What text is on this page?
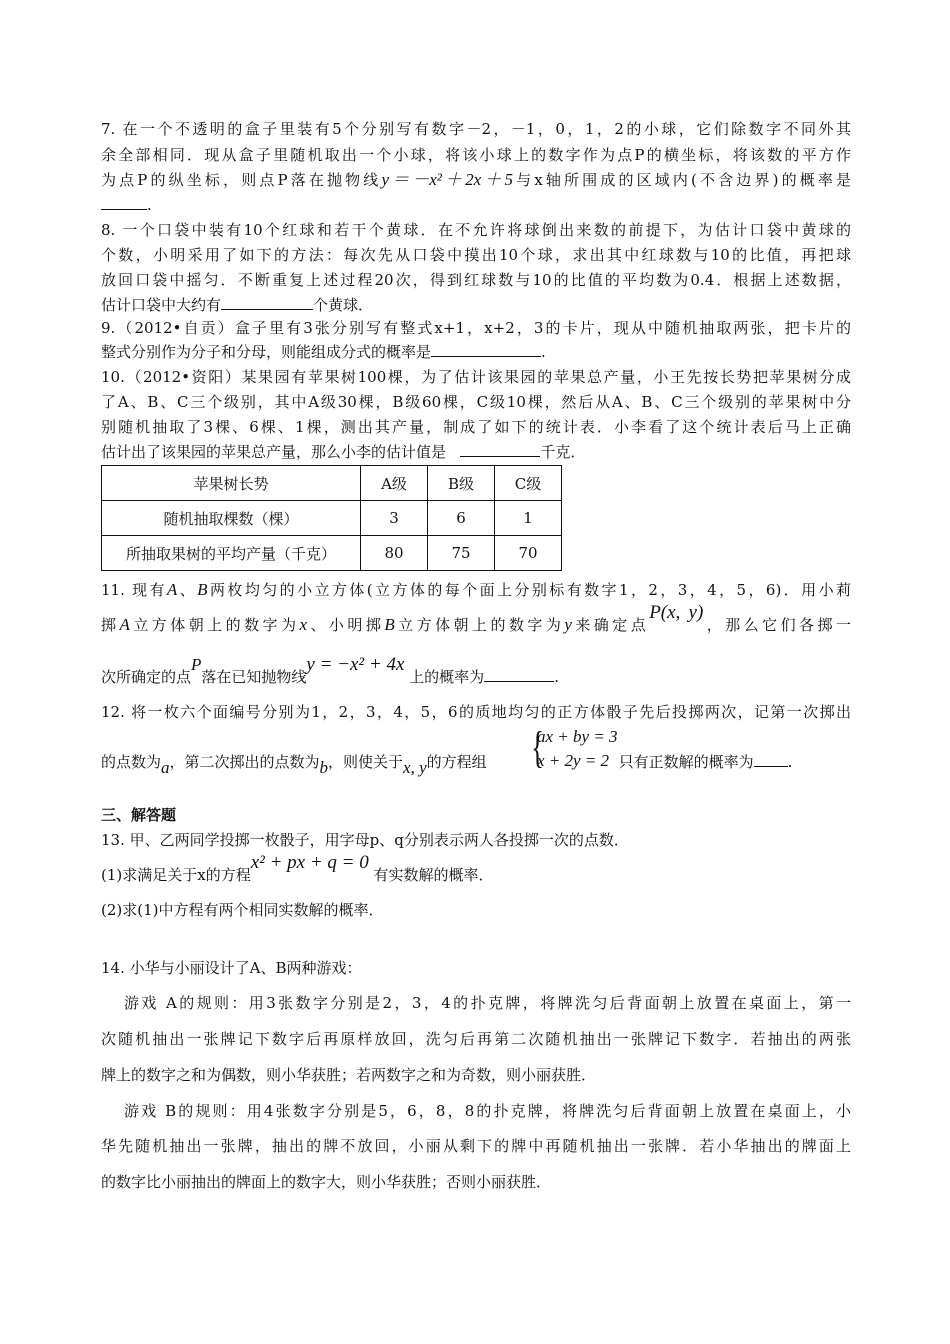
7. 在一个不透明的盒子里装有5个分别写有数字－2，－1，0，1，2的小球，它们除数字不同外其
余全部相同．现从盒子里随机取出一个小球，将该小球上的数字作为点P的横坐标，将该数的平方作
为点P的纵坐标，则点P落在抛物线y＝－x²＋2x＋5与x轴所围成的区域内(不含边界)的概率是
.
8. 一个口袋中装有10个红球和若干个黄球．在不允许将球倒出来数的前提下，为估计口袋中黄球的
个数，小明采用了如下的方法：每次先从口袋中摸出10个球，求出其中红球数与10的比值，再把球
放回口袋中摇匀．不断重复上述过程20次，得到红球数与10的比值的平均数为0.4．根据上述数据，
估计口袋中大约有	个黄球．
9.（2012•自贡）盒子里有3张分别写有整式x+1，x+2，3的卡片，现从中随机抽取两张，把卡片的
整式分别作为分子和分母，则能组成分式的概率是	.
10.（2012•资阳）某果园有苹果树100棵，为了估计该果园的苹果总产量，小王先按长势把苹果树分成
了A、B、C三个级别，其中A级30棵，B级60棵，C级10棵，然后从A、B、C三个级别的苹果树中分
别随机抽取了3棵、6棵、1棵，测出其产量，制成了如下的统计表．小李看了这个统计表后马上正确
估计出了该果园的苹果总产量，那么小李的估计值是	千克．
苹果树长势	A级	B级	C级
随机抽取棵数（棵）	3	6	1
所抽取果树的平均产量（千克）	80	75	70
11. 现有A、B两枚均匀的小立方体(立方体的每个面上分别标有数字1，2，3，4，5，6)．用小莉
掷A立方体朝上的数字为x、小明掷B立方体朝上的数字为y来确定点P(x, y)，那么它们各掷一
次所确定的点P落在已知抛物线y = −x² + 4x 上的概率为	.
12. 将一枚六个面编号分别为1，2，3，4，5，6的质地均匀的正方体骰子先后投掷两次，记第一次掷出
的点数为a，第二次掷出的点数为b，则使关于x, y的方程组	只有正数解的概率为 .
{
ax + by = 3
x + 2y = 2
三、解答题
13. 甲、乙两同学投掷一枚骰子，用字母p、q分别表示两人各投掷一次的点数．
(1)求满足关于x的方程x² + px + q = 0 有实数解的概率．
(2)求(1)中方程有两个相同实数解的概率．
14. 小华与小丽设计了A、B两种游戏：
游戏 A的规则：用3张数字分别是2，3，4的扑克牌，将牌洗匀后背面朝上放置在桌面上，第一
次随机抽出一张牌记下数字后再原样放回，洗匀后再第二次随机抽出一张牌记下数字．若抽出的两张
牌上的数字之和为偶数，则小华获胜；若两数字之和为奇数，则小丽获胜．
游戏 B的规则：用4张数字分别是5，6，8，8的扑克牌，将牌洗匀后背面朝上放置在桌面上，小
华先随机抽出一张牌，抽出的牌不放回，小丽从剩下的牌中再随机抽出一张牌．若小华抽出的牌面上
的数字比小丽抽出的牌面上的数字大，则小华获胜；否则小丽获胜．
